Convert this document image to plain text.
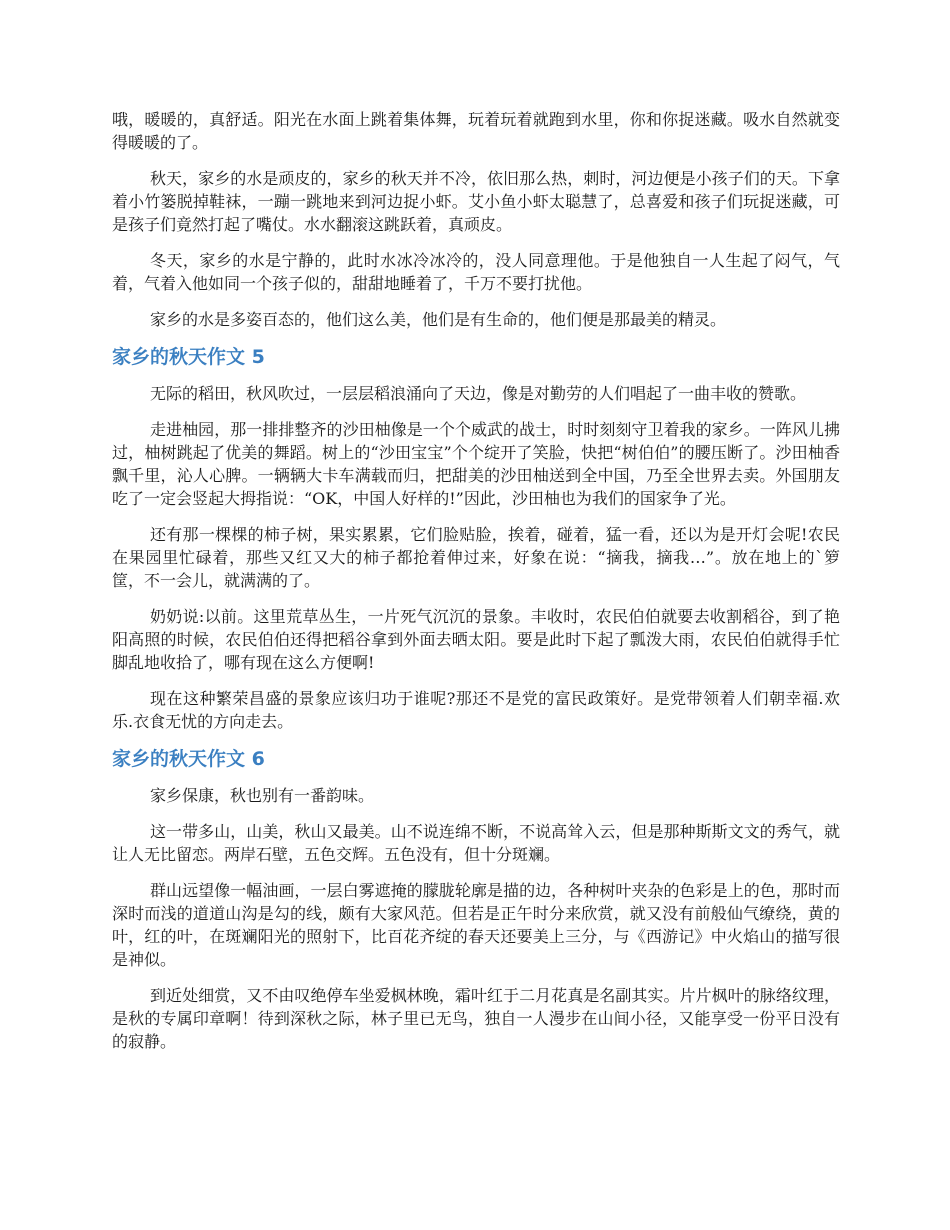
哦，暖暖的，真舒适。阳光在水面上跳着集体舞，玩着玩着就跑到水里，你和你捉迷藏。吸水自然就变得暖暖的了。

秋天，家乡的水是顽皮的，家乡的秋天并不冷，依旧那么热，刺时，河边便是小孩子们的天。下拿着小竹篓脱掉鞋袜，一蹦一跳地来到河边捉小虾。艾小鱼小虾太聪慧了，总喜爱和孩子们玩捉迷藏，可是孩子们竟然打起了嘴仗。水水翻滚这跳跃着，真顽皮。

冬天，家乡的水是宁静的，此时水冰冷冰冷的，没人同意理他。于是他独自一人生起了闷气，气着，气着入他如同一个孩子似的，甜甜地睡着了，千万不要打扰他。

家乡的水是多姿百态的，他们这么美，他们是有生命的，他们便是那最美的精灵。

家乡的秋天作文 5

无际的稻田，秋风吹过，一层层稻浪涌向了天边，像是对勤劳的人们唱起了一曲丰收的赞歌。

走进柚园，那一排排整齐的沙田柚像是一个个威武的战士，时时刻刻守卫着我的家乡。一阵风儿拂过，柚树跳起了优美的舞蹈。树上的“沙田宝宝”个个绽开了笑脸，快把“树伯伯”的腰压断了。沙田柚香飘千里，沁人心脾。一辆辆大卡车满载而归，把甜美的沙田柚送到全中国，乃至全世界去卖。外国朋友吃了一定会竖起大拇指说：“OK，中国人好样的!”因此，沙田柚也为我们的国家争了光。

还有那一棵棵的柿子树，果实累累，它们脸贴脸，挨着，碰着，猛一看，还以为是开灯会呢!农民在果园里忙碌着，那些又红又大的柿子都抢着伸过来，好象在说：“摘我，摘我…”。放在地上的`箩筐，不一会儿，就满满的了。

奶奶说:以前。这里荒草丛生，一片死气沉沉的景象。丰收时，农民伯伯就要去收割稻谷，到了艳阳高照的时候，农民伯伯还得把稻谷拿到外面去晒太阳。要是此时下起了瓢泼大雨，农民伯伯就得手忙脚乱地收拾了，哪有现在这么方便啊!

现在这种繁荣昌盛的景象应该归功于谁呢?那还不是党的富民政策好。是党带领着人们朝幸福.欢乐.衣食无忧的方向走去。

家乡的秋天作文 6

家乡保康，秋也别有一番韵味。

这一带多山，山美，秋山又最美。山不说连绵不断，不说高耸入云，但是那种斯斯文文的秀气，就让人无比留恋。两岸石壁，五色交辉。五色没有，但十分斑斓。

群山远望像一幅油画，一层白雾遮掩的朦胧轮廓是描的边，各种树叶夹杂的色彩是上的色，那时而深时而浅的道道山沟是勾的线，颇有大家风范。但若是正午时分来欣赏，就又没有前般仙气缭绕，黄的叶，红的叶，在斑斓阳光的照射下，比百花齐绽的春天还要美上三分，与《西游记》中火焰山的描写很是神似。

到近处细赏，又不由叹绝停车坐爱枫林晚，霜叶红于二月花真是名副其实。片片枫叶的脉络纹理，是秋的专属印章啊！待到深秋之际，林子里已无鸟，独自一人漫步在山间小径，又能享受一份平日没有的寂静。
